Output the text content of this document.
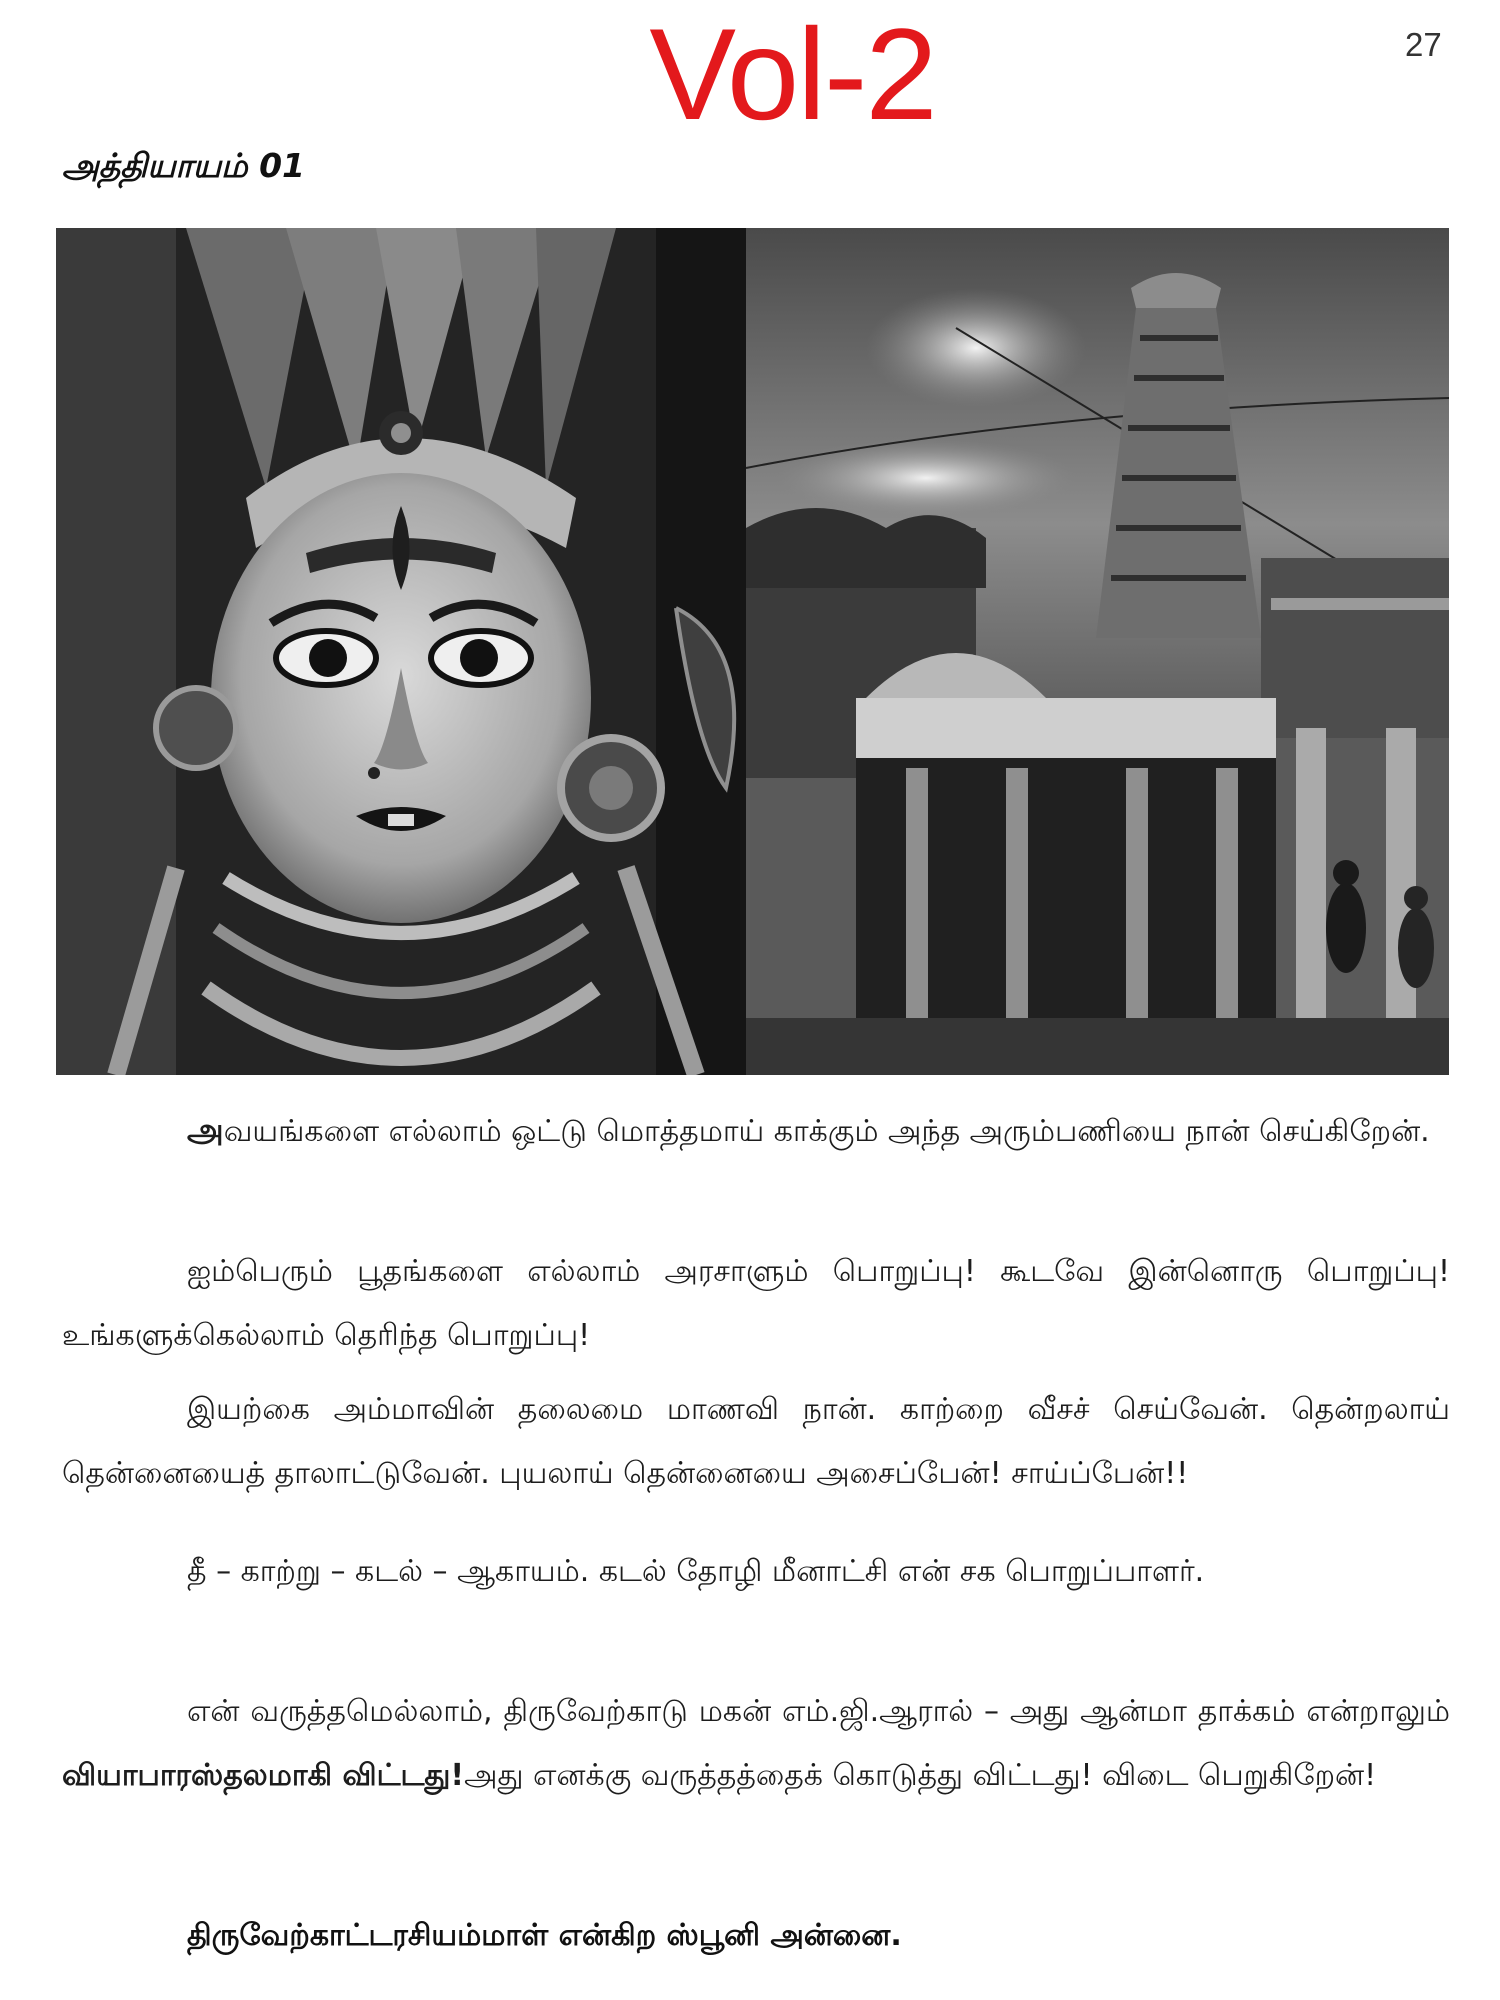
Vol-2	27
அத்தியாயம் 01
அவயங்களை எல்லாம் ஒட்டு மொத்தமாய் காக்கும் அந்த அரும்பணியை நான் செய்கிறேன்.
ஐம்பெரும் பூதங்களை எல்லாம் அரசாளும் பொறுப்பு! கூடவே இன்னொரு பொறுப்பு! உங்களுக்கெல்லாம் தெரிந்த பொறுப்பு!
இயற்கை அம்மாவின் தலைமை மாணவி நான். காற்றை வீசச் செய்வேன். தென்றலாய் தென்னையைத் தாலாட்டுவேன். புயலாய் தென்னையை அசைப்பேன்! சாய்ப்பேன்!!
தீ – காற்று – கடல் – ஆகாயம். கடல் தோழி மீனாட்சி என் சக பொறுப்பாளர்.
என் வருத்தமெல்லாம், திருவேற்காடு மகன் எம்.ஜி.ஆரால் – அது ஆன்மா தாக்கம் என்றாலும் வியாபாரஸ்தலமாகி விட்டது!அது எனக்கு வருத்தத்தைக் கொடுத்து விட்டது! விடை பெறுகிறேன்!
திருவேற்காட்டரசியம்மாள் என்கிற ஸ்பூனி அன்னை.
